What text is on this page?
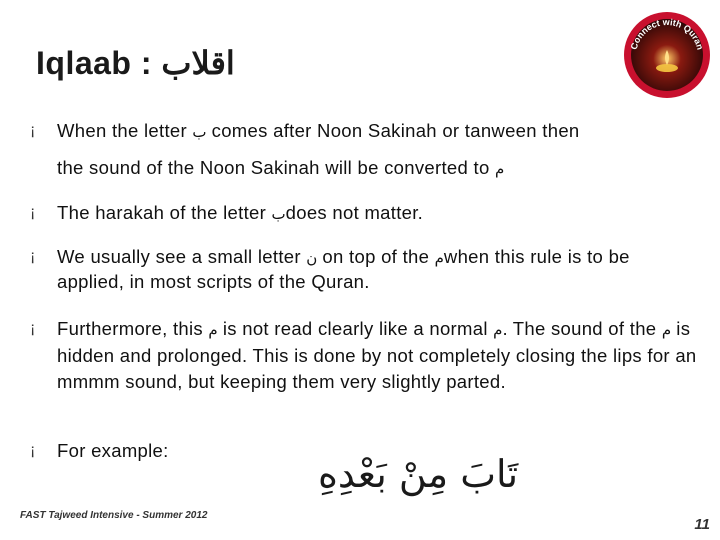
Iqlaab : اقلاب	Connect with Quran
¡ When the letter ب comes after Noon Sakinah or tanween then
the sound of the Noon Sakinah will be converted to م
¡ The harakah of the letter بdoes not matter.
¡ We usually see a small letter ن on top of the مwhen this rule is to be applied, in most scripts of the Quran.
¡ Furthermore, this م is not read clearly like a normal م. The sound of the م is hidden and prolonged. This is done by not completely closing the lips for an mmmm sound, but keeping them very slightly parted.
¡ For example:
تَابَ مِنْ بَعْدِهِ
FAST Tajweed Intensive - Summer 2012
11
